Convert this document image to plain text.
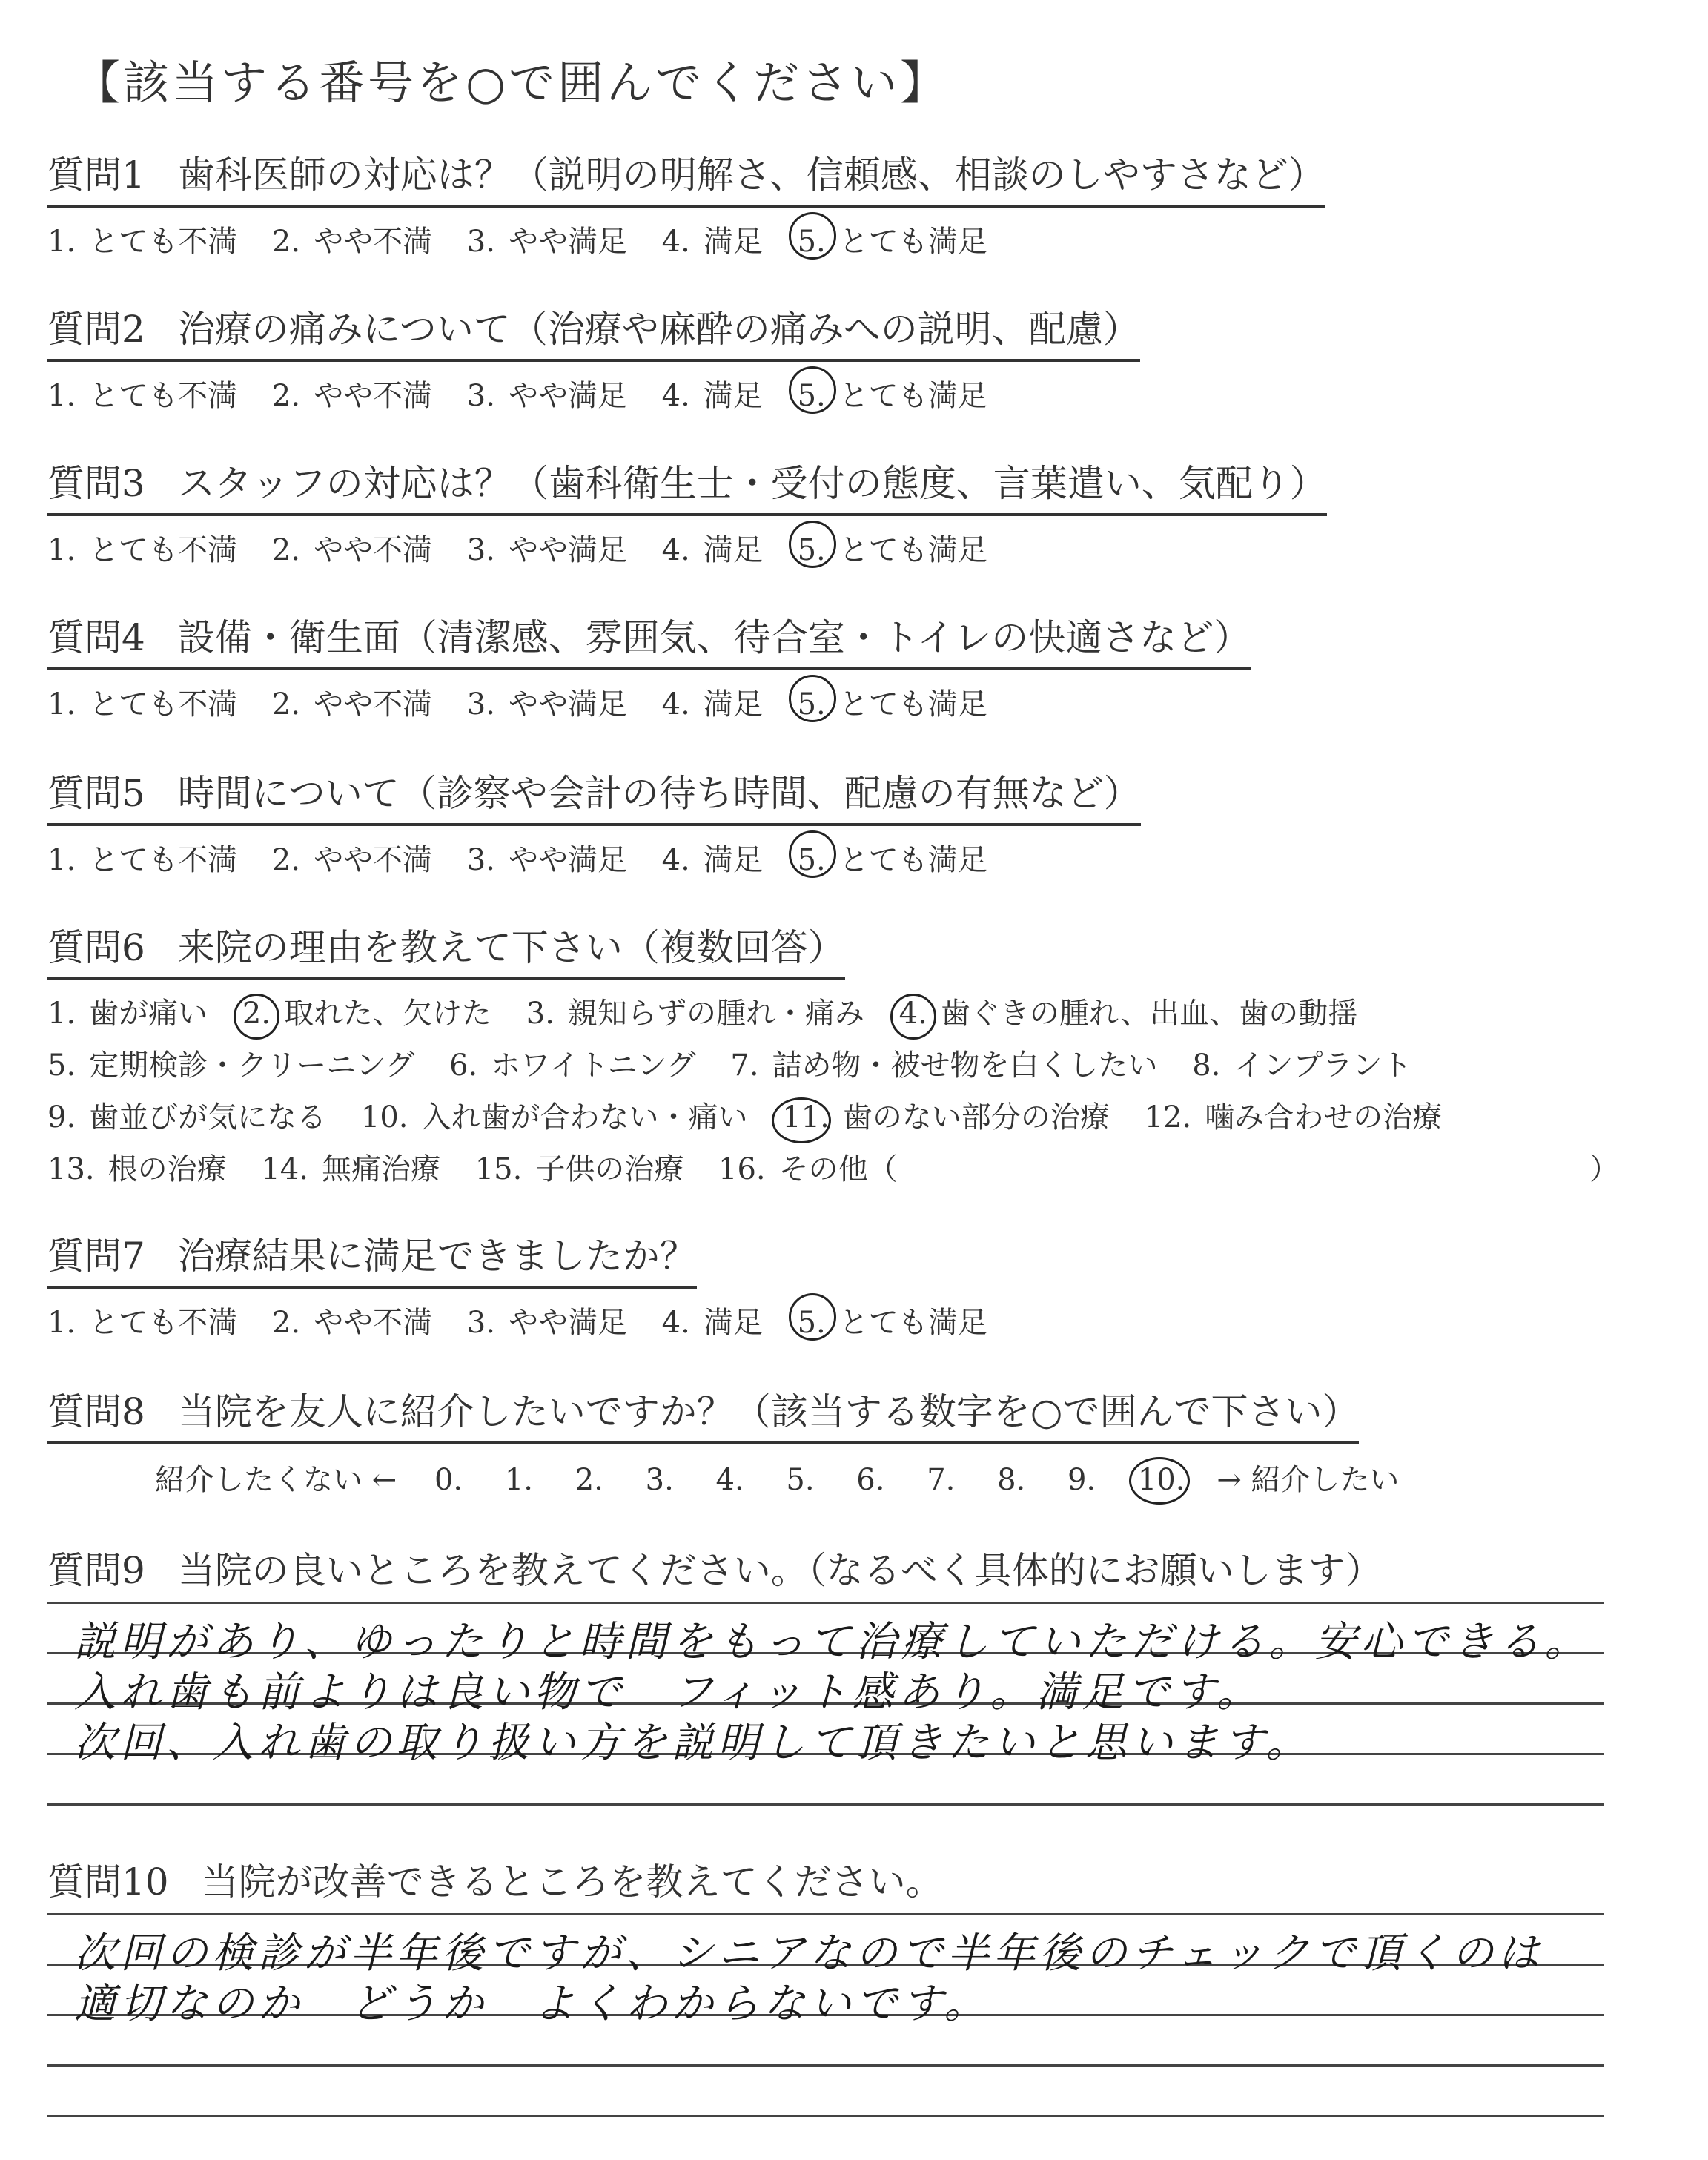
【該当する番号を○で囲んでください】
質問1 歯科医師の対応は？（説明の明解さ、信頼感、相談のしやすさなど）
1. とても不満 2. やや不満 3. やや満足 4. 満足 5. とても満足
質問2 治療の痛みについて（治療や麻酔の痛みへの説明、配慮）
1. とても不満 2. やや不満 3. やや満足 4. 満足 5. とても満足
質問3 スタッフの対応は？（歯科衛生士・受付の態度、言葉遣い、気配り）
1. とても不満 2. やや不満 3. やや満足 4. 満足 5. とても満足
質問4 設備・衛生面（清潔感、雰囲気、待合室・トイレの快適さなど）
1. とても不満 2. やや不満 3. やや満足 4. 満足 5. とても満足
質問5 時間について（診察や会計の待ち時間、配慮の有無など）
1. とても不満 2. やや不満 3. やや満足 4. 満足 5. とても満足
質問6 来院の理由を教えて下さい（複数回答）
1. 歯が痛い 2. 取れた、欠けた 3. 親知らずの腫れ・痛み 4. 歯ぐきの腫れ、出血、歯の動揺
5. 定期検診・クリーニング 6. ホワイトニング 7. 詰め物・被せ物を白くしたい 8. インプラント
9. 歯並びが気になる 10. 入れ歯が合わない・痛い 11. 歯のない部分の治療 12. 噛み合わせの治療
13. 根の治療 14. 無痛治療 15. 子供の治療 16. その他（	）
質問7 治療結果に満足できましたか？
1. とても不満 2. やや不満 3. やや満足 4. 満足 5. とても満足
質問8 当院を友人に紹介したいですか？（該当する数字を○で囲んで下さい）
紹介したくない ← 0. 1. 2. 3. 4. 5. 6. 7. 8. 9. 10. → 紹介したい
質問9 当院の良いところを教えてください。（なるべく具体的にお願いします）
説明があり、ゆったりと時間をもって治療していただける。安心できる。
入れ歯も前よりは良い物で　フィット感あり。満足です。
次回、入れ歯の取り扱い方を説明して頂きたいと思います。
質問10 当院が改善できるところを教えてください。
次回の検診が半年後ですが、シニアなので半年後のチェックで頂くのは
適切なのか　どうか　よくわからないです。
